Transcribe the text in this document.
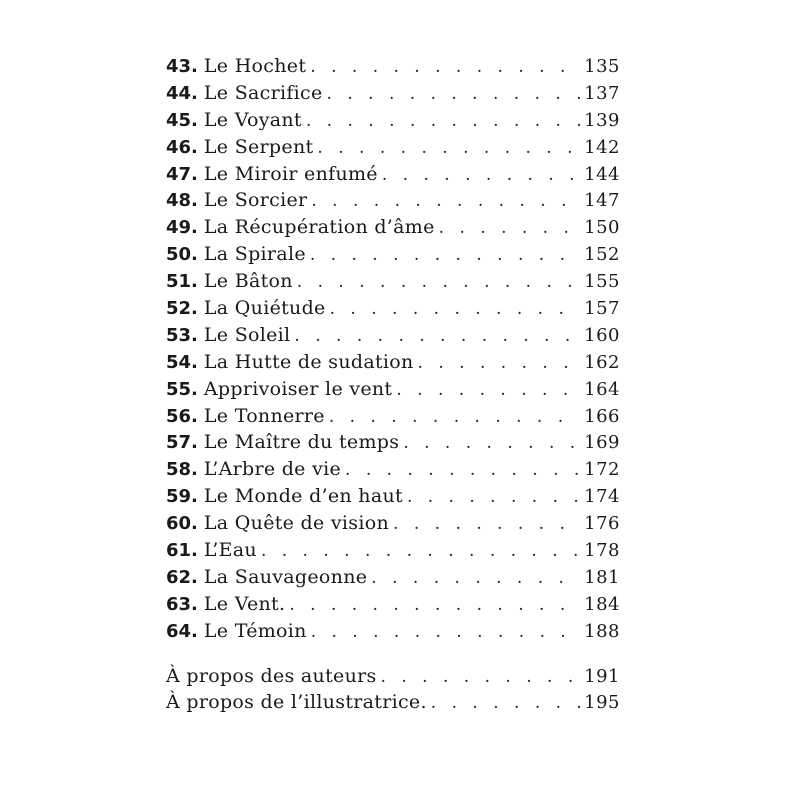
43. Le Hochet . . .	135
44. Le Sacrifice . . .	137
45. Le Voyant . . .	139
46. Le Serpent . . .	142
47. Le Miroir enfumé . . .	144
48. Le Sorcier . . .	147
49. La Récupération d’âme . . .	150
50. La Spirale . . .	152
51. Le Bâton . . .	155
52. La Quiétude . . .	157
53. Le Soleil . . .	160
54. La Hutte de sudation . . .	162
55. Apprivoiser le vent . . .	164
56. Le Tonnerre . . .	166
57. Le Maître du temps . . .	169
58. L’Arbre de vie . . .	172
59. Le Monde d’en haut . . .	174
60. La Quête de vision . . .	176
61. L’Eau . . .	178
62. La Sauvageonne . . .	181
63. Le Vent. . . .	184
64. Le Témoin . . .	188
À propos des auteurs . . .	191
À propos de l’illustratrice. . . .	195
